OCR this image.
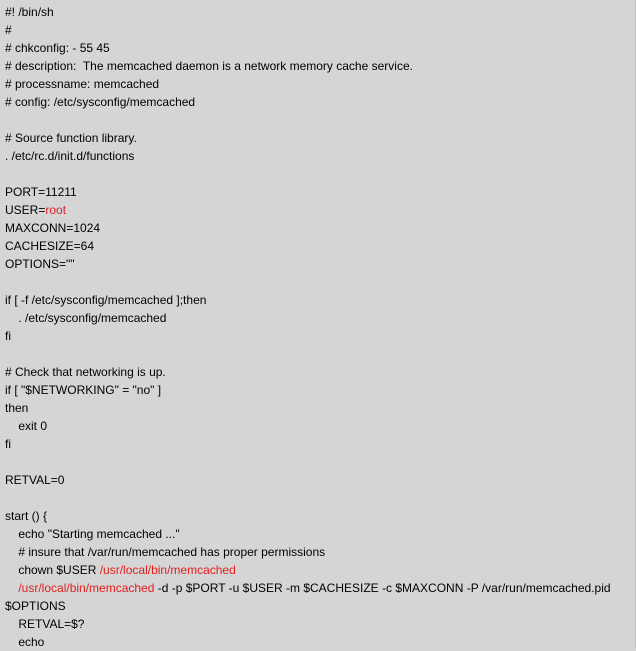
#! /bin/sh
#
# chkconfig: - 55 45
# description:  The memcached daemon is a network memory cache service.
# processname: memcached
# config: /etc/sysconfig/memcached
# Source function library.
. /etc/rc.d/init.d/functions
PORT=11211
USER=root
MAXCONN=1024
CACHESIZE=64
OPTIONS=""
if [ -f /etc/sysconfig/memcached ];then
. /etc/sysconfig/memcached
fi
# Check that networking is up.
if [ "$NETWORKING" = "no" ]
then
exit 0
fi
RETVAL=0
start () {
echo "Starting memcached ..."
# insure that /var/run/memcached has proper permissions
chown $USER /usr/local/bin/memcached
/usr/local/bin/memcached -d -p $PORT -u $USER -m $CACHESIZE -c $MAXCONN -P /var/run/memcached.pid
$OPTIONS
RETVAL=$?
echo
